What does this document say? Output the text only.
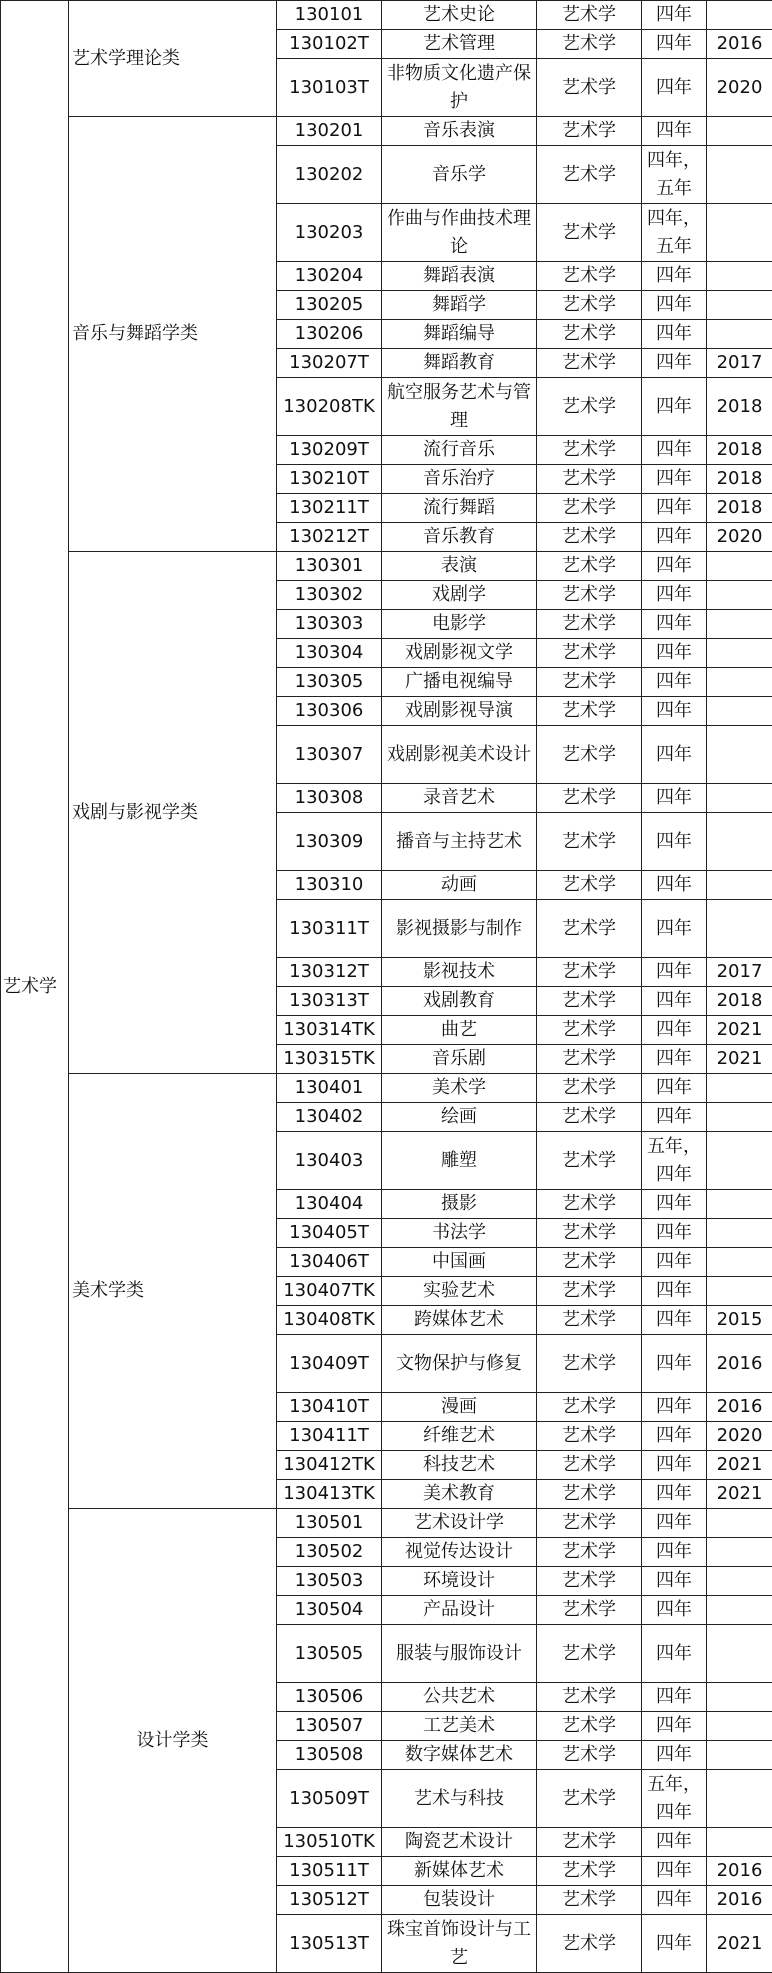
艺术学	艺术学理论类	130101	艺术史论	艺术学	四年	
		130102T	艺术管理	艺术学	四年	2016
		130103T	非物质文化遗产保护	艺术学	四年	2020
	音乐与舞蹈学类	130201	音乐表演	艺术学	四年	
		130202	音乐学	艺术学	四年，五年	
		130203	作曲与作曲技术理论	艺术学	四年，五年	
		130204	舞蹈表演	艺术学	四年	
		130205	舞蹈学	艺术学	四年	
		130206	舞蹈编导	艺术学	四年	
		130207T	舞蹈教育	艺术学	四年	2017
		130208TK	航空服务艺术与管理	艺术学	四年	2018
		130209T	流行音乐	艺术学	四年	2018
		130210T	音乐治疗	艺术学	四年	2018
		130211T	流行舞蹈	艺术学	四年	2018
		130212T	音乐教育	艺术学	四年	2020
	戏剧与影视学类	130301	表演	艺术学	四年	
		130302	戏剧学	艺术学	四年	
		130303	电影学	艺术学	四年	
		130304	戏剧影视文学	艺术学	四年	
		130305	广播电视编导	艺术学	四年	
		130306	戏剧影视导演	艺术学	四年	
		130307	戏剧影视美术设计	艺术学	四年	
		130308	录音艺术	艺术学	四年	
		130309	播音与主持艺术	艺术学	四年	
		130310	动画	艺术学	四年	
		130311T	影视摄影与制作	艺术学	四年	
		130312T	影视技术	艺术学	四年	2017
		130313T	戏剧教育	艺术学	四年	2018
		130314TK	曲艺	艺术学	四年	2021
		130315TK	音乐剧	艺术学	四年	2021
	美术学类	130401	美术学	艺术学	四年	
		130402	绘画	艺术学	四年	
		130403	雕塑	艺术学	五年，四年	
		130404	摄影	艺术学	四年	
		130405T	书法学	艺术学	四年	
		130406T	中国画	艺术学	四年	
		130407TK	实验艺术	艺术学	四年	
		130408TK	跨媒体艺术	艺术学	四年	2015
		130409T	文物保护与修复	艺术学	四年	2016
		130410T	漫画	艺术学	四年	2016
		130411T	纤维艺术	艺术学	四年	2020
		130412TK	科技艺术	艺术学	四年	2021
		130413TK	美术教育	艺术学	四年	2021
	设计学类	130501	艺术设计学	艺术学	四年	
		130502	视觉传达设计	艺术学	四年	
		130503	环境设计	艺术学	四年	
		130504	产品设计	艺术学	四年	
		130505	服装与服饰设计	艺术学	四年	
		130506	公共艺术	艺术学	四年	
		130507	工艺美术	艺术学	四年	
		130508	数字媒体艺术	艺术学	四年	
		130509T	艺术与科技	艺术学	五年，四年	
		130510TK	陶瓷艺术设计	艺术学	四年	
		130511T	新媒体艺术	艺术学	四年	2016
		130512T	包装设计	艺术学	四年	2016
		130513T	珠宝首饰设计与工艺	艺术学	四年	2021
